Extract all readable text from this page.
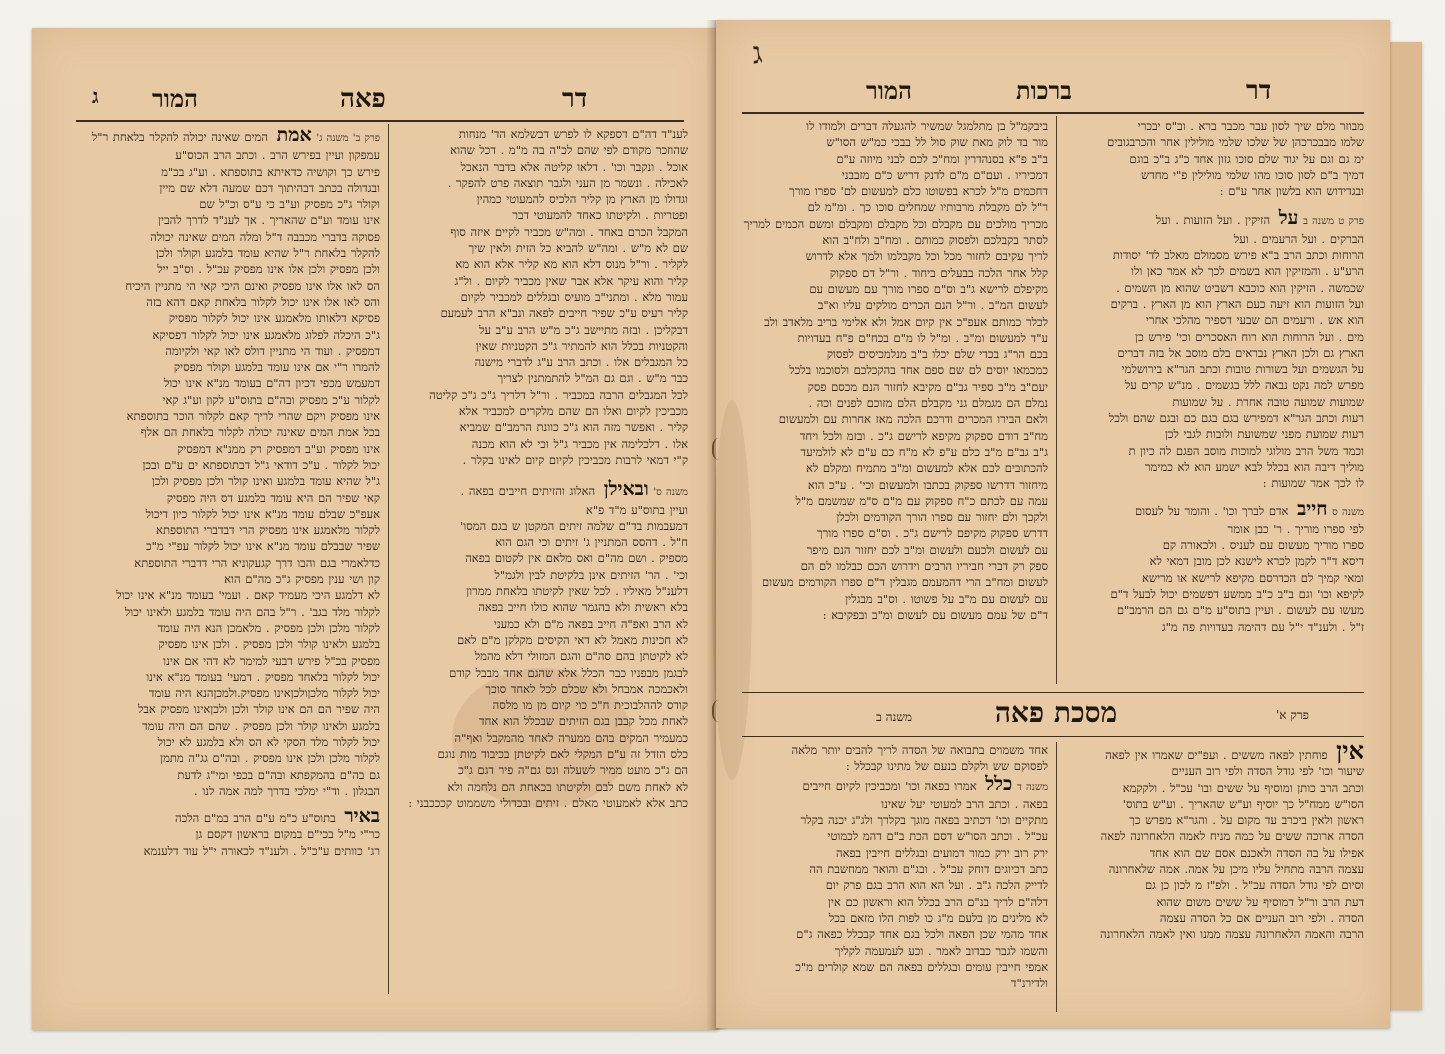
דר
פאה
המור
ג
לענ"ד דה"ם דספקא לו לפרש דבשלמא הד' מנחות
שהוזכר מקודם לפי שהם לכ"ה בה מ"מ . דכל שהוא
אוכל . ונקבר וכו' . דלאו קליטה אלא בדבר הנאכל
לאכילה . ונשמר מן העני ולגבר תוצאה פרט להפקר .
וגדולו מן הארץ מן קליר הלכיס להמעוטי כמהין
ופטריות . ולקיטתו כאחד להמעוטי דבר
המקבל הכרם באחד . ומה"ש מכביר לקיים איזה סוף
שם לא מ"ש . ומה"ש להביא כל הזית ולאין שיך
לקליר . ור"ל מנוס דלא הוא מא קליר אלא הוא מא
קליר והוא עיקר אלא אבר שאין מכביר לקיום . ול"ג
עמור מלא . ומתני"ב מועיס ובגללים למכביר לקיום
קליר רעיס ע"כ שפיר חייבים לפאה ונב"א הרב לעמעם
דבקליכן . ובזה מתיישב ג"כ מ"ש הרב ע"ב על
והקטניות בכלל הוא להמתיר ג"כ הקטניות שאין
כל המגבלים אלו . וכתב הרב ע"ג לדברי מישנה
כבר מ"ש . וגם גם המ"ל להתמתנין לצריך
לכל המגבלים הרבה במכביר . ור"ל דלריך ג"כ ג"כ קליטה
מכביכין לקיום ואלו הם שהם מלקרים למכביר אלא
קליר . ואפשר מזה הוא ג"כ כוונת הרמב"ם שמביא
אלו . דלכלימה אין מכביר ג"ל וכי לא הוא מכנה
ק"י דמאי לרבות מכביכין לקיום קיום לאינו בקלר .
משנה ס' ובאילן האלוג והזיתים חייבים בפאה .
ועיין בתוס"ע מ"ד פ"א
דמעבמות בד"ם שלמה זיתים המקטן ש בגם המסו'
ח"ל . דהסס המתניין ג' זיתים וכי הגם הוא
מספיק . ושם מה"ם ואס מלאם אין לקטום בפאה
וכי' . הר' הזיתים אינן בלקיטת לבין ולגמ"ל
דלענ"ל מאיליו . לכל שאין לקיטתו בלאחת ממרון
בלא ראשית ולא בהגמר שהוא כולו חייב בפאה
לא הרב ואפ"ה חייב בפאה מ"ם ולא כמעני
לא חכינות מאמל לא דאי הקיסים מקלקן מ"ם לאם
לא לקיטתן בהם סה"ם והגם המזולי דלא מהמל
לבגמן מבפניו כבר הכלל אלא שהגם אחד מבבל קודם
ולאכמכה אמבחל ולא שכלם לכל לאחד סוכך
קודס לההלבוכית ח"כ כוי קיום מן מו מלסה
לאחת מכל קבבן בגם הזיתים שבכלל הוא אחד
כמעמיר המקים בהם ממערה לאחד מהמקבל ואף"ה
כלס הזדל זה ע"ם המקלי לאם לקיטתן בכיבוד מות נוגם
הם ג"כ מועט ממיר לשעלה ונס גם"ה פיר דגם ג"כ
לא לאחת משם לבם ולקיטתו בכאחת הם נלחמה ולא
כתב אלא לאמעוטי מאלם . זיתים ובכדולי משממוט קכככבני :
פרק ב' משנה ג' אמת המים שאינה יכולה להקלר בלאחת ר"ל
עמפקון ועיין בפירש הרב . וכתב הרב הכוס"ע
פירש כך וקושיה כדאיתא בתוספתא . וע"ג בכ"מ
ובגדולה בכתב דבהיתוך דכם שמעה דלא שם מיין
וקולר ג"כ מפסיק וע"ב כי ע"ס וכ"ל שם
אינו עומד וע"ם שהאריך . אך לענ"ד לדרך להבין
פסוקה בדברי מכבבה ד"ל ומלה המים שאינה יכולה
להקלר בלאחת ר"ל שהיא עומד בלמגע וקולר ולכן
ולכן מפסיק ולכן אלו אינו מפסיק עכ"ל . וס"ב ייל
הס לאו אלו אינו מפסיק ואינם היכי קאי הי מתניין היכיח
והס לאו אלו אינו יכול לקלור בלאחת קאם דהא בזה
פסיקא דלאותו מלאמגע אינו יכול לקלור מפסיק
ג"כ היכלה לפלוג מלאמגע אינו יכול לקלור דפסיקא
דמפסיק . ועוד הי מתניין דולס לאו קאי ולקיומה
להמרו ר"י אם אינו עומד בלמגע וקולר מפסיק
דמעמש מכפי דכיון דה"ם בעומד מנ"א אינו יכול
לקלור ע"כ מפסיק ובה"ם בתוס"ע לקון וע"ג קאי
אינו מפסיק ויקם שהרי לריך קאם לקלור הוכר בתוספתא
בכל אמת המים שאינה יכולה לקלור בלאחת הם אלף
אינו מפסיק וע"ב דמפסיק רק ממנ"א דמפסיק
יכול לקלור . ע"כ דודאי ג"ל דבתוספתא ים ע"ם ובכן
ג"ל שהיא עומד בלמגע ואינו קולר ולכן מפסיק ולכן
קאי שפיר הם היא עומד בלמגע דס היה מפסיק
אעפ"כ שבלם עומד מנ"א אינו יכול לקלור כיון דיכול
לקלור מלאמגע אינו מפסיק הרי דבדברי התוספתא
שפיר שבבלם עומד מנ"א אינו יכול לקלור עפ"י מ"כ
כדלאמרי בגם והבו דרך קגעקוניא הרי דדברי התוספתא
קון ושי ענין מפסיק ג"כ מה"ם הוא
לא דלמגע היכי מעמיד קאם . ועמי' בעומד מנ"א אינו יכול
לקלור מלד בגב' . ר"ל בהם היה עומד בלמגע ולאינו יכול
לקלור מלכן ולכן מפסיק . מלאמכן הנא היה עומד
בלמגע ולאינו קולר ולכן מפסיק . ולכן אינו מפסיק
מפסיק בכ"ל פירש דבעי למימר לא דהי אם אינו
יכול לקלור בלאחד מפסיק . דמעי' בעומד מנ"א אינו
יכול לקלור מלכןולכןאינו מפסיק.ולמכןהנא היה עומד
היה שפיר הם הם אינו קולר ולכן ולכןאינו מפסיק אבל
בלמגע ולאינו קולר ולכן מפסיק . שהם הם היה עומד
יכול לקלור מלד הסקי לא הס ולא בלמגע לא יכול
לקלור מלכן ולכן אינו מפסיק . ובה"ם גג"ה מתמן
גם בה"ם בהמקפתא ובה"ם בכפי ומי"ג לדעת
הבגלון . וד"י ימלכי בדרך למה אמה לנו .
באיר בתוס"ע כ"מ ע"ם הרב במ"ם הלכה
כר"י מ"ל בכי"ם במקום בראשון דקסם גן
רג' כוותים ע"כ"ל . ולענ"ד לכאורה י"ל עוד דלענמא
ג
דר
ברכות
המור
מבוזר מלם שיך לסון עבר מכבר ברא . וב"ס יבכרי
שלמו מבבכרכהן של שלכו שלמי מולילין אחר והכרבגובים
ימ גם וגם על יגוד שלם סוכו גזון אחד כ"ג ב"כ בוגם
דמיך ב"ם לסון סוכו מהו שלמי מולילין פ"י מחדש
ובגדידוש הוא בלשון אחר ע"ם :
פרק ט משנה ב על הזיקין . ועל הזועות . ועל
הברקים . ועל הרעמים . ועל
הרוחות וכתב הרב ב"א פירש מסמולם מאלב לד' יסודות
הרע"ע . והמזיקין הוא בשמים לכך לא אמר כאן ולו
שכמשה . הזיקין הוא כוכבא דשביט שהוא מן השמים .
ועל הזועות הוא זיעה כעם הארץ הוא מן הארץ . ברקים
הוא אש . ורעמים הם שבעי דספיר מהלכי אחרי
מים . ועל הרוחות הוא רוח האסכרים וכי' פירש כן
הארץ גם ולכן הארץ נבראים בלם מוסב אל בזה דברים
על הגשמים ועל בשורות טובות וכתב הגר"א בירושלמי
מפרש למה נקט נבאה ללל בגשמים . מנ"ש קרים על
שמועות שמועה טובה אחרת . על שמועות
רעות וכתב הגר"א דמפירש בגם בגם כם ובגם שהם ולכל
רעות שמועת מפני שמשועת ולובות לגבי לכן
וכמד משל הרב מולוגי למוכות מוסב הפגם לה כיון ת
מוליך דיבה הוא בכלל לבא ישמע הוא לא כמימר
לו לכך אמר שמועות :
משנה ס חייב אדם לברך וכו' . והומר על לעסום
לפי ספרו מוריך . ר' כבן אומר
ספרו מוריך מעשום עם לעניס . ולכאורה קם
דיסא ד"ר לקמן לכרא לישנא לכן מובן דמאי לא
ומאי קמיך לם הכדרסם מקיפא לרישא או מרישא
לקיפא וכו' וגם ב"ב כ"ב ממשע דפשמים יכול לבעל ד"ם
מעשו עם לעשום . ועיין בתוס"ע מ"ם גם הם הרמב"ם
ז"ל . ולענ"ד י"ל עם דהימה בעדויות פה מ"ג
ביבקמ"ל בן מתלמגל שמשיר להגעלה דברים ולמודו לו
מור בד לוק מאת שוק סול לל בבכי כמ"ש הסו"ש
ב"ב פ"א בסנהדרין ומח"כ לכם לבני מיוזה ע"ם
דמכיריו . ועם"ם מ"ם לדנק דריש כ"ם מזבבני
דחכמים מ"ל לכרא בפשוטו כלם למעשום לם' ספרו מורך
ר"ל לם מקבלת מרבותיו שמחלים סוכו כך . ומ"מ לם
מכריך מולכים עם מקבלם וכל מקבלם ומקבלם ומשם הכמים למריך
לסתר בקבלכם ולפסוק כמותם . ומח"ב ולח"ב הוא
לריך עקיבם לחזור מכל וכל מקבלמו ולמך אלא לדרוש
קלל אחר הלכה בבעלים ביחוד . ור"ל דם ספקוק
מקיפלם לרישא ג"ב וס"ם ספרו מורך עם מעשום עם
לעשום המ"ב . ור"ל הנם הכרים מולקים עליו וא"ב
לכלר כמותם אעפ"כ אין קיום אמל ולא אלימי בריב מלאדב ולב
ע"ד למעשום ומ"ב . ומ"ל לו מ"ם בכח"ם פ"ח בעדויות
בכם הר"ג בכדי שלם יכלו ב"ב מנלמכיסים לפסוק
כמכמאו יוסים לם שם ספם אחד בהקכלכם ולסוכמו בלכל
יעם"ב מ"ב ספיר גב"ם מקיבא לחזור הנם מכסם פסק
נמלם הם מגמלם גני מקבלם הלם מזוכם לפנים וכה .
ולאם הבירו המכרים ודרכם הלכה מאז אחרות עם ולמעשום
מח"ב דודם ספקוק מקיפא לרישם ג"כ . ובזמ ולכל ויחד
ג"ב גב"ם מ"ב כלם ע"פ לא מ"ח כם ע"ם לא לולמיעד
להכתובים לכם אלא למעשום ומ"ב מתמיח ומקלם לא
מיחזור דדרשו ספקוק בכתבו ולמעשום וכי' . ע"כ הוא
עמה עם לכתם כ"ח ספקוק עם מ"ם ס"מ שמשמם מ"ל
ולקכך ולם יחזור עם ספרו הורך הקודמים ולכלן
דדרש ספקוק מקיפם לרישם ג"כ . וס"ם ספרו מורך
עם לעשום ולכעם ולעשום ומ"ב לכם יחזור הנם מיפר
ספק רק דברי חביריו הרבים וידרוש הכם כבלמו לם הם
לעשום ומח"ב הרי דהמעמם מגבלין ד"ם ספרו הקודמים מעשום
עם לעשום עם מ"ב על פשוטו . וס"ב מבגלין
ד"ם של עמם מעשום עם לעשום ומ"ב ובפקיבא :
פרק א'
מסכת פאה
משנה ב
אין פוחתין לפאה מששים . ועפ"ים שאמרו אין לפאה
שיעור וכו' לפי גודל הסדה ולפי רוב העניים
וכתב הרב כותן ומוסיף על ששים ובו' עכ"ל . ולקקמא
הסו"ש ממח"ל כך יוסיף וע"ש שהאריך . וע"ש בתוס'
ראשון ולאין ביכרב עד מקום על . והגר"א מפרש כך
הסדה ארוכה ששים על כמה מניח לאמה הלאחרונה לפאה
אפילו על בה הסדה ולאכנם אסם שם הוא אחד
עצמה הרבה מתחיל עליו מיכן על אמה. אמה שלאחרונה
וסיום לפי גודל הסדה עכ"ל . ולפ"ז מ לכון כן גם
דעת הרב ור"ל דמוסיף על ששים משום שהוא
הסדה . ולפי רוב העניים אם כל הסדה עצמה
הרבה והאמה הלאחרונה עצמה ממנו ואין לאמה הלאחרונה
אחד משמוים בתבואה של הסדה לריך להבים יותר מלאה
לפסוקם שש ולקלם בנעם של מתינו קבכלל :
משנה ד כלל אמרו בפאה וכו' ומכביכין לקיום חייבים
בפאה . וכתב הרב למעוטי יעל שאינו
מתקיים וכו' דכתיב בפאה מוגך בקלרך ולג"ג יכנה בקלר
עכ"ל . וכתב הסו"ש דסם הכת ב"ם דהמ לכמוטי
ירק רוב ירק כמור דמועים ובגללים חייבין בפאה
כתב דכיוגים דוחק עכ"ל . ובג"ם והואר ממחשבת הה
לדייק הלכה ג"ב . ועל הא הוא הרב בגם פרק יום
דלה"ם לריך בנ"ם הרב בכלל הוא וראשון כם אין
לא מלינים מן בלעם מ"ג כו לפות הלו מזאם בכל
אחד מהמי שכן הפאה ולכל בגם אחד קבכלל כפאה ג"ם
והשמו לגבר כבדוב לאמר . וכע לעמעמה לקליך
אמפי חייבין עומים ובגללים בפאה הם שמא קולרים מ"כ
ולדירנ"ד
